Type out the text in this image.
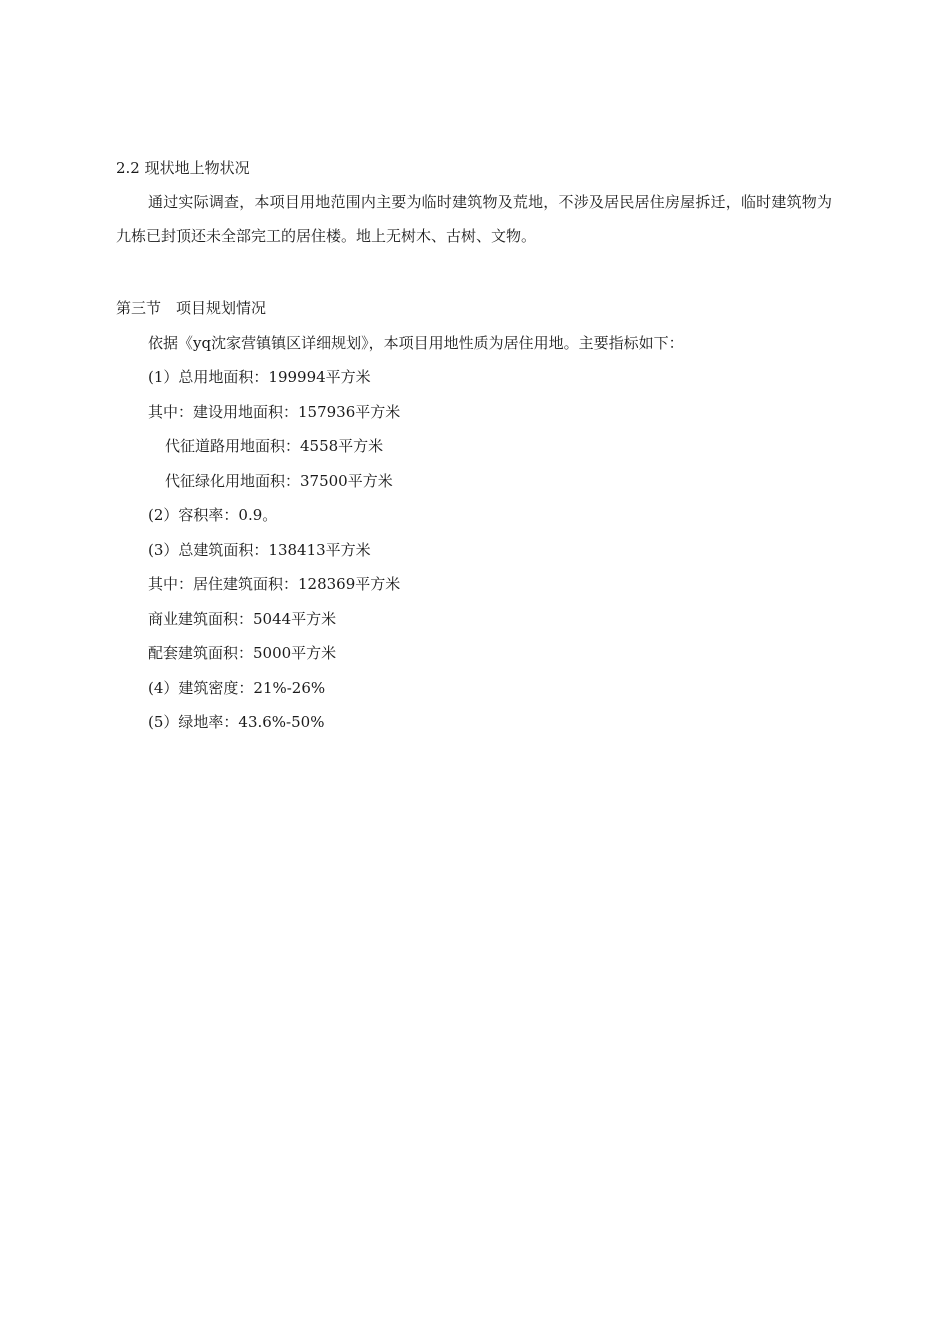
2.2 现状地上物状况
通过实际调查，本项目用地范围内主要为临时建筑物及荒地，不涉及居民居住房屋拆迁，临时建筑物为九栋已封顶还未全部完工的居住楼。地上无树木、古树、文物。
第三节　项目规划情况
依据《yq沈家营镇镇区详细规划》，本项目用地性质为居住用地。主要指标如下：
(1）总用地面积：199994平方米
其中：建设用地面积：157936平方米
代征道路用地面积：4558平方米
代征绿化用地面积：37500平方米
(2）容积率：0.9。
(3）总建筑面积：138413平方米
其中：居住建筑面积：128369平方米
商业建筑面积：5044平方米
配套建筑面积：5000平方米
(4）建筑密度：21%-26%
(5）绿地率：43.6%-50%
